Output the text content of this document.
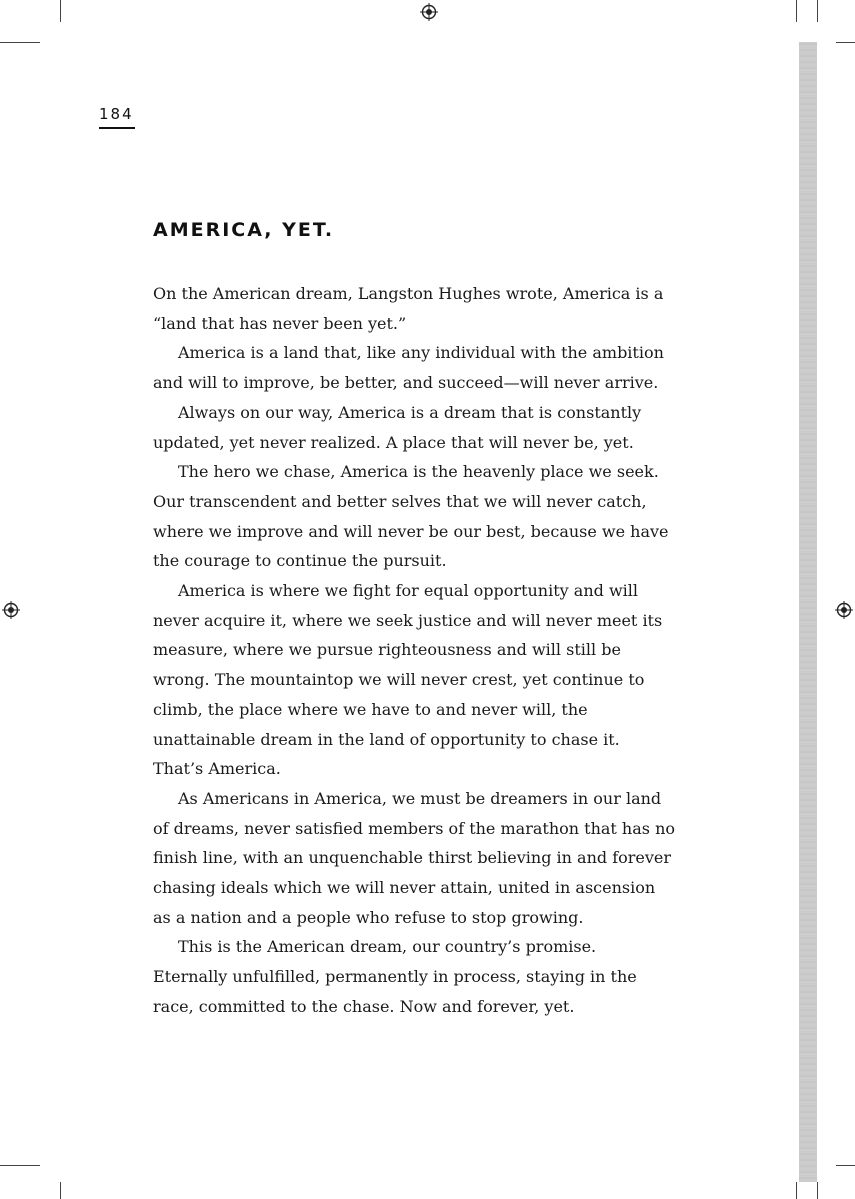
184

AMERICA, YET.
On the American dream, Langston Hughes wrote, America is a
“land that has never been yet.”
America is a land that, like any individual with the ambition
and will to improve, be better, and succeed—will never arrive.
Always on our way, America is a dream that is constantly
updated, yet never realized. A place that will never be, yet.
The hero we chase, America is the heavenly place we seek.
Our transcendent and better selves that we will never catch,
where we improve and will never be our best, because we have
the courage to continue the pursuit.
America is where we fight for equal opportunity and will
never acquire it, where we seek justice and will never meet its
measure, where we pursue righteousness and will still be
wrong. The mountaintop we will never crest, yet continue to
climb, the place where we have to and never will, the
unattainable dream in the land of opportunity to chase it.
That’s America.
As Americans in America, we must be dreamers in our land
of dreams, never satisfied members of the marathon that has no
finish line, with an unquenchable thirst believing in and forever
chasing ideals which we will never attain, united in ascension
as a nation and a people who refuse to stop growing.
This is the American dream, our country’s promise.
Eternally unfulfilled, permanently in process, staying in the
race, committed to the chase. Now and forever, yet.
